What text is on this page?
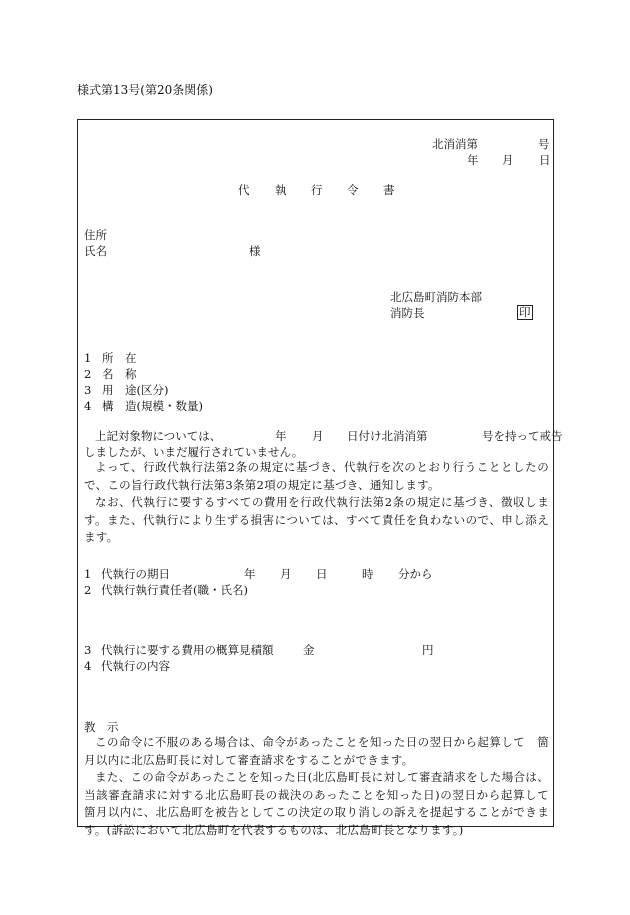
様式第13号(第20条関係)
北消消第	号
年 月 日
代 執 行 令 書
住所
氏名	様
北広島町消防本部
消防長	印
1 所　在
2 名　称
3 用　途(区分)
4 構　造(規模・数量)
上記対象物については、	年 月 日付け北消消第	号を持って戒告
しましたが、いまだ履行されていません。
よって、行政代執行法第2条の規定に基づき、代執行を次のとおり行うこととしたので、この旨行政代執行法第3条第2項の規定に基づき、通知します。
なお、代執行に要するすべての費用を行政代執行法第2条の規定に基づき、徴収します。また、代執行により生ずる損害については、すべて責任を負わないので、申し添えます。
1 代執行の期日	年 月 日	時 分から
2 代執行執行責任者(職・氏名)
3 代執行に要する費用の概算見積額	金	円
4 代執行の内容
教　示
この命令に不服のある場合は、命令があったことを知った日の翌日から起算して　箇月以内に北広島町長に対して審査請求をすることができます。
また、この命令があったことを知った日(北広島町長に対して審査請求をした場合は、当該審査請求に対する北広島町長の裁決のあったことを知った日)の翌日から起算して　箇月以内に、北広島町を被告としてこの決定の取り消しの訴えを提起することができます。(訴訟において北広島町を代表するものは、北広島町長となります。)
